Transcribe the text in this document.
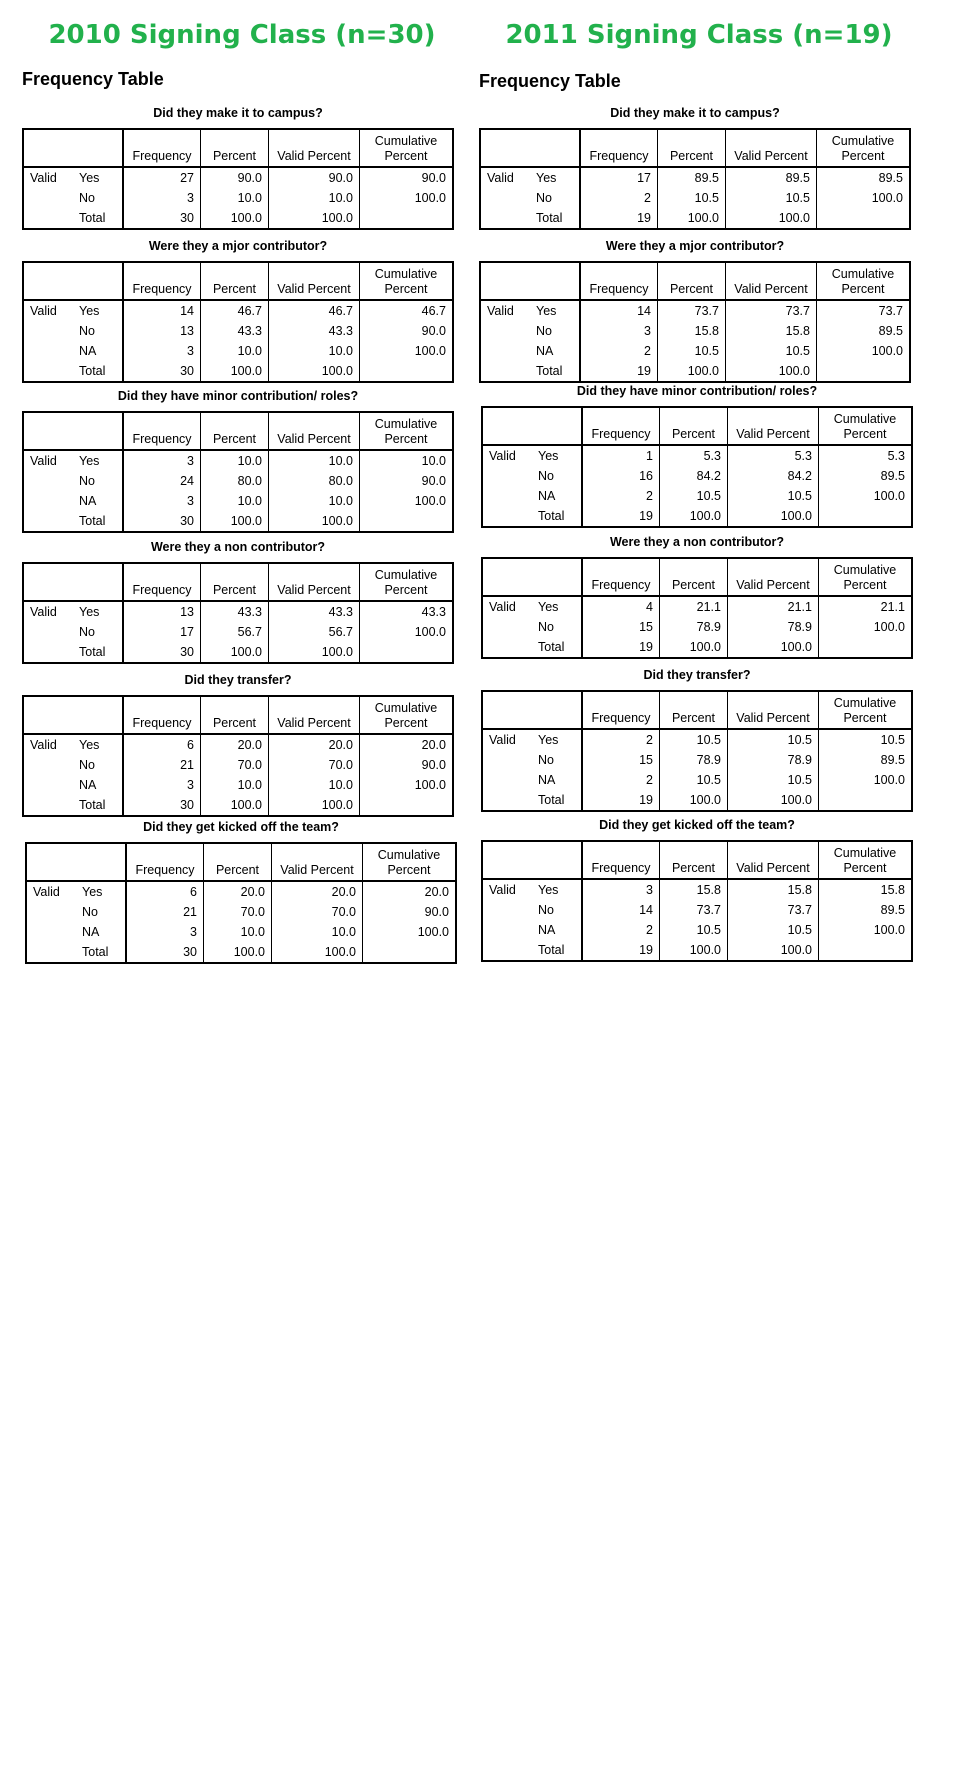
2010 Signing Class (n=30)
Frequency Table
Did they make it to campus?
		Frequency	Percent	Valid Percent	Cumulative
Percent
Valid	Yes	27	90.0	90.0	90.0
	No	3	10.0	10.0	100.0
	Total	30	100.0	100.0	
Were they a mjor contributor?
		Frequency	Percent	Valid Percent	Cumulative
Percent
Valid	Yes	14	46.7	46.7	46.7
	No	13	43.3	43.3	90.0
	NA	3	10.0	10.0	100.0
	Total	30	100.0	100.0	
Did they have minor contribution/ roles?
		Frequency	Percent	Valid Percent	Cumulative
Percent
Valid	Yes	3	10.0	10.0	10.0
	No	24	80.0	80.0	90.0
	NA	3	10.0	10.0	100.0
	Total	30	100.0	100.0	
Were they a non contributor?
		Frequency	Percent	Valid Percent	Cumulative
Percent
Valid	Yes	13	43.3	43.3	43.3
	No	17	56.7	56.7	100.0
	Total	30	100.0	100.0	
Did they transfer?
		Frequency	Percent	Valid Percent	Cumulative
Percent
Valid	Yes	6	20.0	20.0	20.0
	No	21	70.0	70.0	90.0
	NA	3	10.0	10.0	100.0
	Total	30	100.0	100.0	
Did they get kicked off the team?
		Frequency	Percent	Valid Percent	Cumulative
Percent
Valid	Yes	6	20.0	20.0	20.0
	No	21	70.0	70.0	90.0
	NA	3	10.0	10.0	100.0
	Total	30	100.0	100.0	
2011 Signing Class (n=19)
Frequency Table
Did they make it to campus?
		Frequency	Percent	Valid Percent	Cumulative
Percent
Valid	Yes	17	89.5	89.5	89.5
	No	2	10.5	10.5	100.0
	Total	19	100.0	100.0	
Were they a mjor contributor?
		Frequency	Percent	Valid Percent	Cumulative
Percent
Valid	Yes	14	73.7	73.7	73.7
	No	3	15.8	15.8	89.5
	NA	2	10.5	10.5	100.0
	Total	19	100.0	100.0	
Did they have minor contribution/ roles?
		Frequency	Percent	Valid Percent	Cumulative
Percent
Valid	Yes	1	5.3	5.3	5.3
	No	16	84.2	84.2	89.5
	NA	2	10.5	10.5	100.0
	Total	19	100.0	100.0	
Were they a non contributor?
		Frequency	Percent	Valid Percent	Cumulative
Percent
Valid	Yes	4	21.1	21.1	21.1
	No	15	78.9	78.9	100.0
	Total	19	100.0	100.0	
Did they transfer?
		Frequency	Percent	Valid Percent	Cumulative
Percent
Valid	Yes	2	10.5	10.5	10.5
	No	15	78.9	78.9	89.5
	NA	2	10.5	10.5	100.0
	Total	19	100.0	100.0	
Did they get kicked off the team?
		Frequency	Percent	Valid Percent	Cumulative
Percent
Valid	Yes	3	15.8	15.8	15.8
	No	14	73.7	73.7	89.5
	NA	2	10.5	10.5	100.0
	Total	19	100.0	100.0	
